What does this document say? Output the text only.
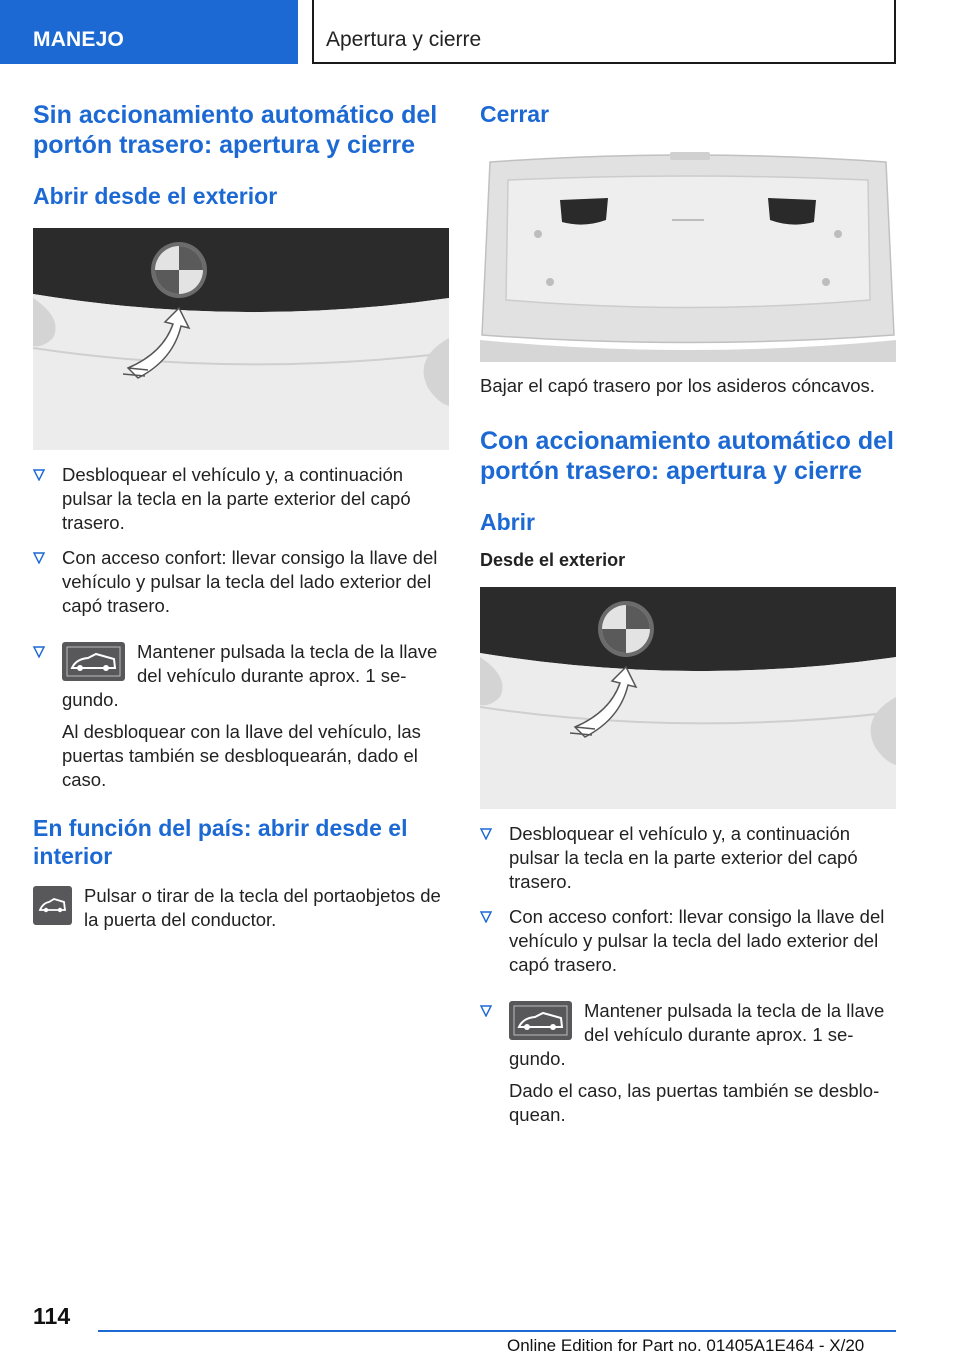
MANEJO	Apertura y cierre
Sin accionamiento automático del portón trasero: apertura y cierre
Abrir desde el exterior
Desbloquear el vehículo y, a continuación pulsar la tecla en la parte exterior del capó trasero.
Con acceso confort: llevar consigo la llave del vehículo y pulsar la tecla del lado exterior del capó trasero.
Mantener pulsada la tecla de la llave del vehículo durante aprox. 1 segundo.

Al desbloquear con la llave del vehículo, las puertas también se desbloquearán, dado el caso.

En función del país: abrir desde el interior

Pulsar o tirar de la tecla del portaobjetos de la puerta del conductor.

Cerrar

Bajar el capó trasero por los asideros cóncavos.

Con accionamiento automático del portón trasero: apertura y cierre
Abrir
Desde el exterior
Desbloquear el vehículo y, a continuación pulsar la tecla en la parte exterior del capó trasero.
Con acceso confort: llevar consigo la llave del vehículo y pulsar la tecla del lado exterior del capó trasero.
Mantener pulsada la tecla de la llave del vehículo durante aprox. 1 segundo.

Dado el caso, las puertas también se desbloquean.

114
Online Edition for Part no. 01405A1E464 - X/20
